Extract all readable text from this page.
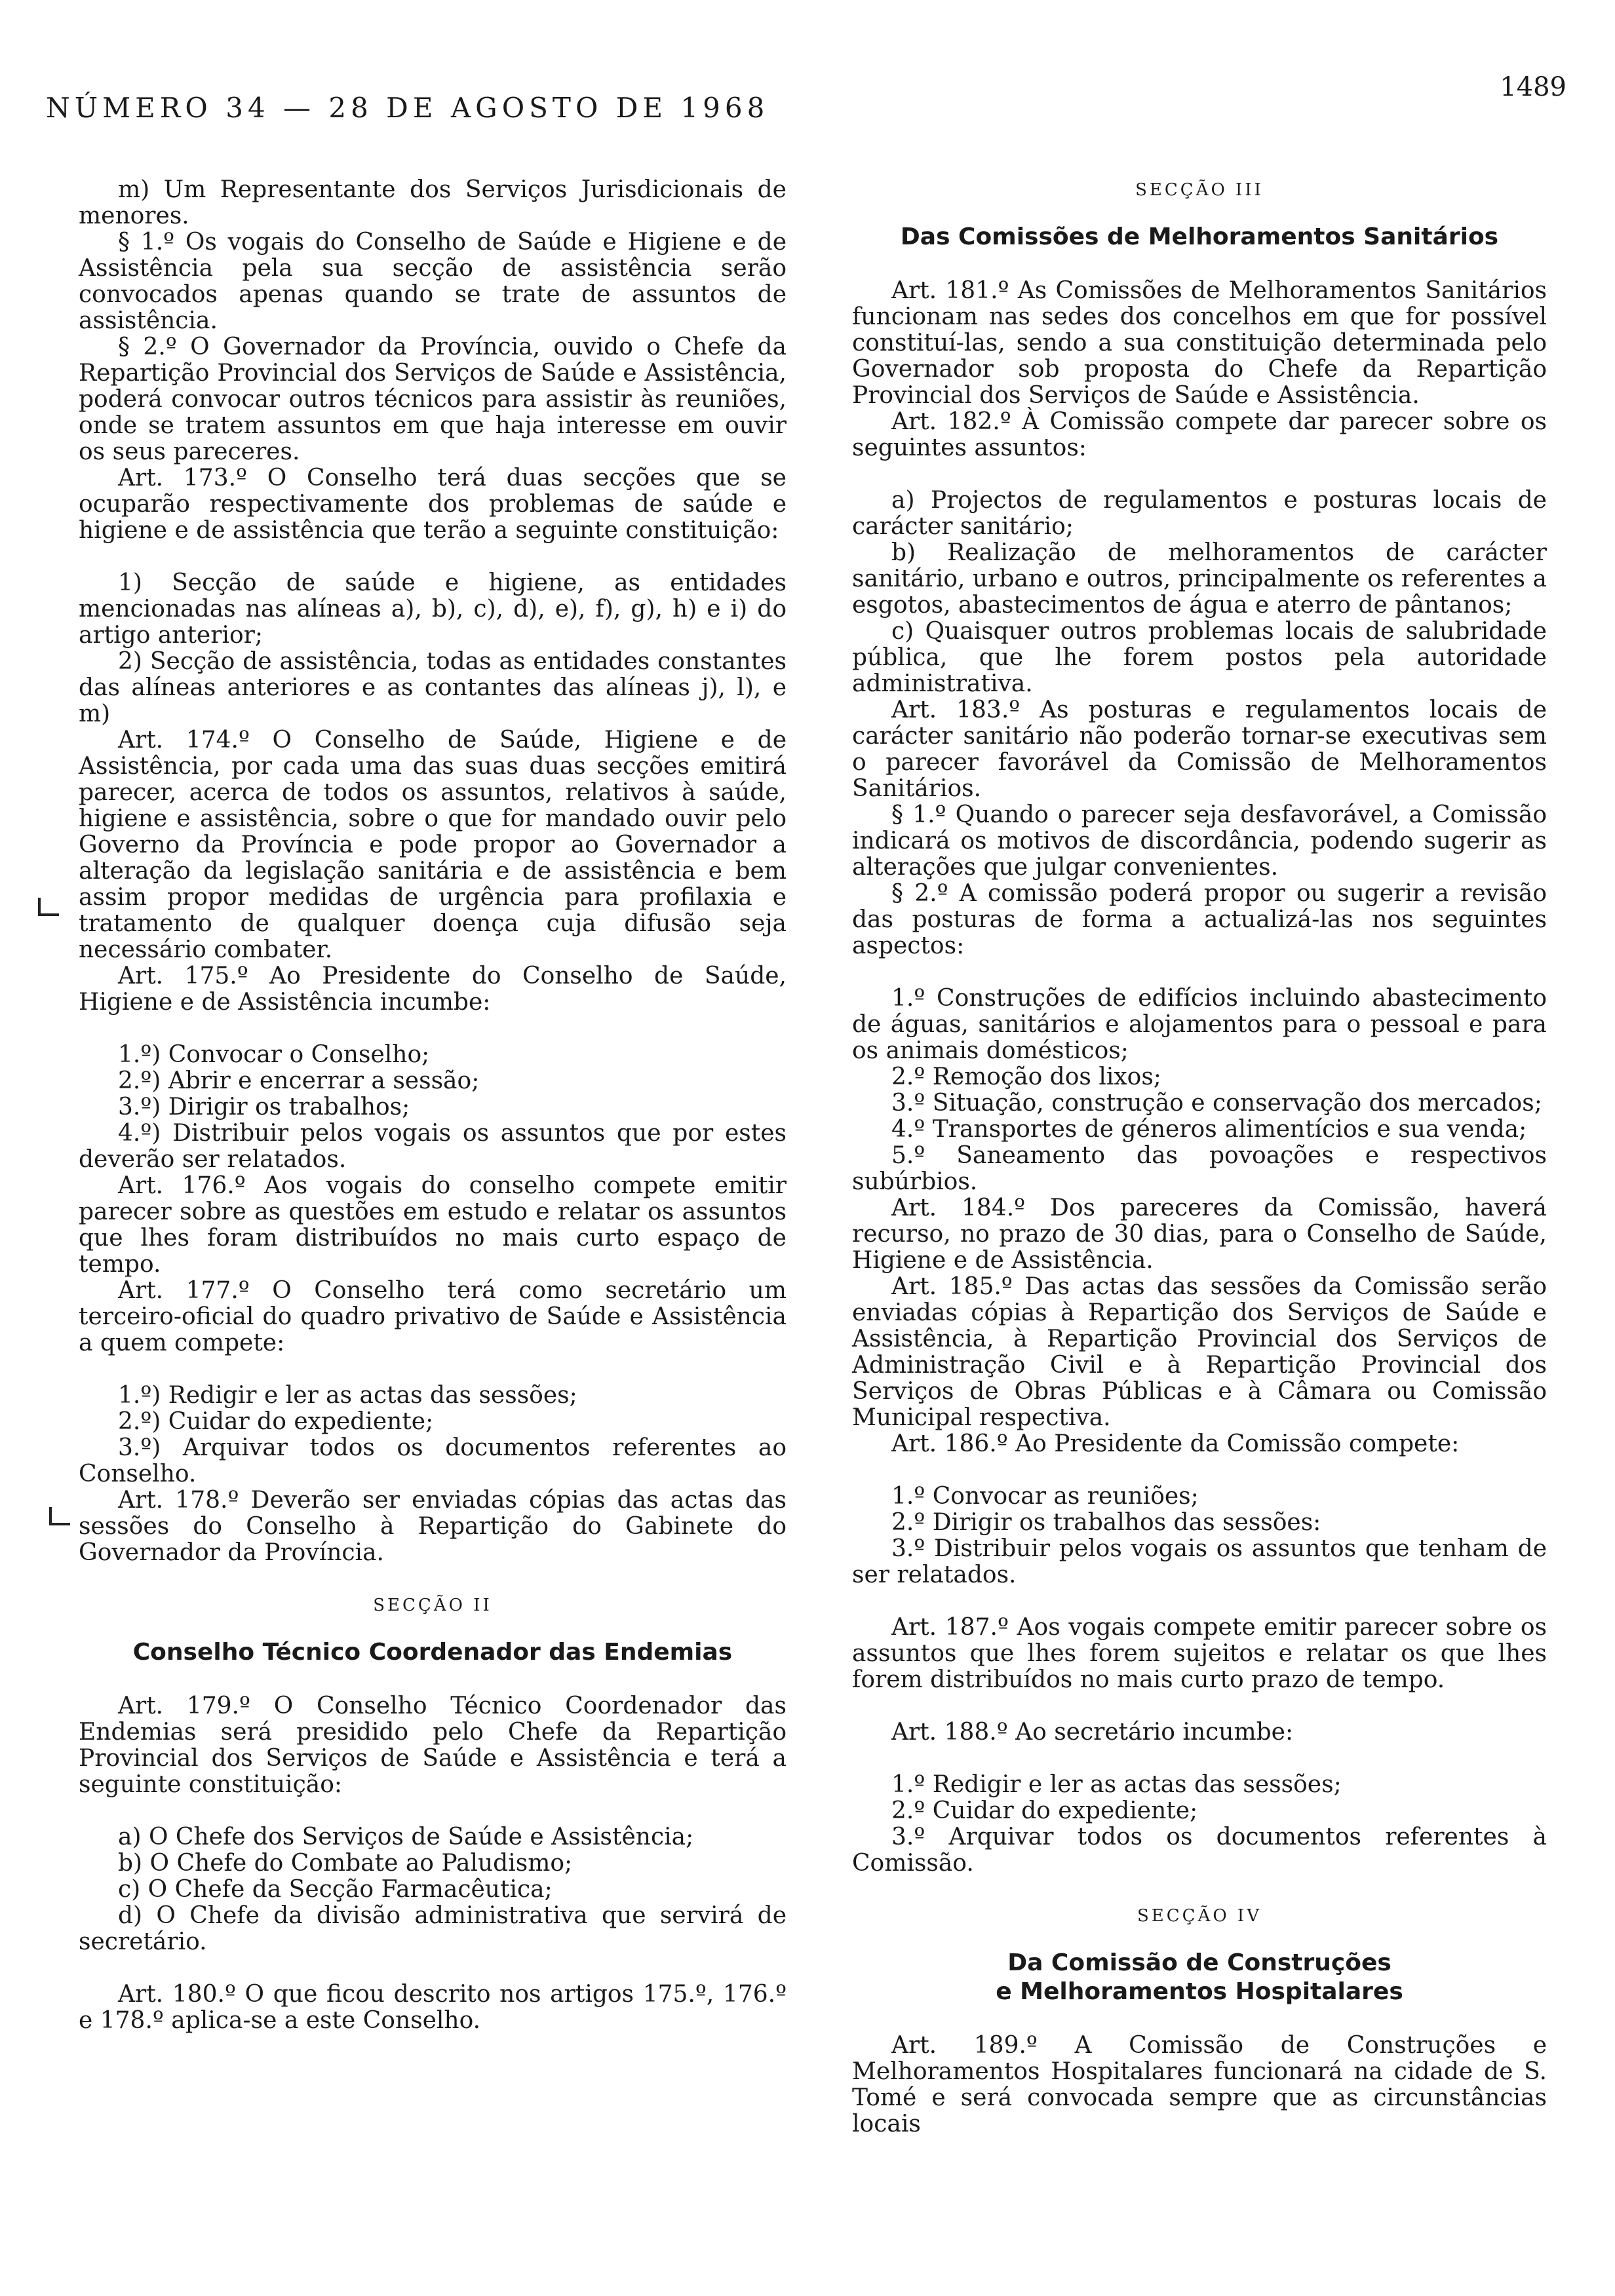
NÚMERO 34 — 28 DE AGOSTO DE 1968
1489

m) Um Representante dos Serviços Jurisdicionais de menores.

§ 1.º Os vogais do Conselho de Saúde e Higiene e de Assistência pela sua secção de assistência serão convocados apenas quando se trate de assuntos de assistência.

§ 2.º O Governador da Província, ouvido o Chefe da Repartição Provincial dos Serviços de Saúde e Assistência, poderá convocar outros técnicos para assistir às reuniões, onde se tratem assuntos em que haja interesse em ouvir os seus pareceres.

Art. 173.º O Conselho terá duas secções que se ocuparão respectivamente dos problemas de saúde e higiene e de assistência que terão a seguinte constituição:

1) Secção de saúde e higiene, as entidades mencionadas nas alíneas a), b), c), d), e), f), g), h) e i) do artigo anterior;

2) Secção de assistência, todas as entidades constantes das alíneas anteriores e as contantes das alíneas j), l), e m)

Art. 174.º O Conselho de Saúde, Higiene e de Assistência, por cada uma das suas duas secções emitirá parecer, acerca de todos os assuntos, relativos à saúde, higiene e assistência, sobre o que for mandado ouvir pelo Governo da Província e pode propor ao Governador a alteração da legislação sanitária e de assistência e bem assim propor medidas de urgência para profilaxia e tratamento de qualquer doença cuja difusão seja necessário combater.

Art. 175.º Ao Presidente do Conselho de Saúde, Higiene e de Assistência incumbe:

1.º) Convocar o Conselho;

2.º) Abrir e encerrar a sessão;

3.º) Dirigir os trabalhos;

4.º) Distribuir pelos vogais os assuntos que por estes deverão ser relatados.

Art. 176.º Aos vogais do conselho compete emitir parecer sobre as questões em estudo e relatar os assuntos que lhes foram distribuídos no mais curto espaço de tempo.

Art. 177.º O Conselho terá como secretário um terceiro-oficial do quadro privativo de Saúde e Assistência a quem compete:

1.º) Redigir e ler as actas das sessões;

2.º) Cuidar do expediente;

3.º) Arquivar todos os documentos referentes ao Conselho.

Art. 178.º Deverão ser enviadas cópias das actas das sessões do Conselho à Repartição do Gabinete do Governador da Província.

SECÇÃO II
Conselho Técnico Coordenador das Endemias

Art. 179.º O Conselho Técnico Coordenador das Endemias será presidido pelo Chefe da Repartição Provincial dos Serviços de Saúde e Assistência e terá a seguinte constituição:

a) O Chefe dos Serviços de Saúde e Assistência;

b) O Chefe do Combate ao Paludismo;

c) O Chefe da Secção Farmacêutica;

d) O Chefe da divisão administrativa que servirá de secretário.

Art. 180.º O que ficou descrito nos artigos 175.º, 176.º e 178.º aplica-se a este Conselho.

SECÇÃO III
Das Comissões de Melhoramentos Sanitários

Art. 181.º As Comissões de Melhoramentos Sanitários funcionam nas sedes dos concelhos em que for possível constituí-las, sendo a sua constituição determinada pelo Governador sob proposta do Chefe da Repartição Provincial dos Serviços de Saúde e Assistência.

Art. 182.º À Comissão compete dar parecer sobre os seguintes assuntos:

a) Projectos de regulamentos e posturas locais de carácter sanitário;

b) Realização de melhoramentos de carácter sanitário, urbano e outros, principalmente os referentes a esgotos, abastecimentos de água e aterro de pântanos;

c) Quaisquer outros problemas locais de salubridade pública, que lhe forem postos pela autoridade administrativa.

Art. 183.º As posturas e regulamentos locais de carácter sanitário não poderão tornar-se executivas sem o parecer favorável da Comissão de Melhoramentos Sanitários.

§ 1.º Quando o parecer seja desfavorável, a Comissão indicará os motivos de discordância, podendo sugerir as alterações que julgar convenientes.

§ 2.º A comissão poderá propor ou sugerir a revisão das posturas de forma a actualizá-las nos seguintes aspectos:

1.º Construções de edifícios incluindo abastecimento de águas, sanitários e alojamentos para o pessoal e para os animais domésticos;

2.º Remoção dos lixos;

3.º Situação, construção e conservação dos mercados;

4.º Transportes de géneros alimentícios e sua venda;

5.º Saneamento das povoações e respectivos subúrbios.

Art. 184.º Dos pareceres da Comissão, haverá recurso, no prazo de 30 dias, para o Conselho de Saúde, Higiene e de Assistência.

Art. 185.º Das actas das sessões da Comissão serão enviadas cópias à Repartição dos Serviços de Saúde e Assistência, à Repartição Provincial dos Serviços de Administração Civil e à Repartição Provincial dos Serviços de Obras Públicas e à Câmara ou Comissão Municipal respectiva.

Art. 186.º Ao Presidente da Comissão compete:

1.º Convocar as reuniões;

2.º Dirigir os trabalhos das sessões:

3.º Distribuir pelos vogais os assuntos que tenham de ser relatados.

Art. 187.º Aos vogais compete emitir parecer sobre os assuntos que lhes forem sujeitos e relatar os que lhes forem distribuídos no mais curto prazo de tempo.

Art. 188.º Ao secretário incumbe:

1.º Redigir e ler as actas das sessões;

2.º Cuidar do expediente;

3.º Arquivar todos os documentos referentes à Comissão.

SECÇÃO IV
Da Comissão de Construções
e Melhoramentos Hospitalares

Art. 189.º A Comissão de Construções e Melhoramentos Hospitalares funcionará na cidade de S. Tomé e será convocada sempre que as circunstâncias locais
